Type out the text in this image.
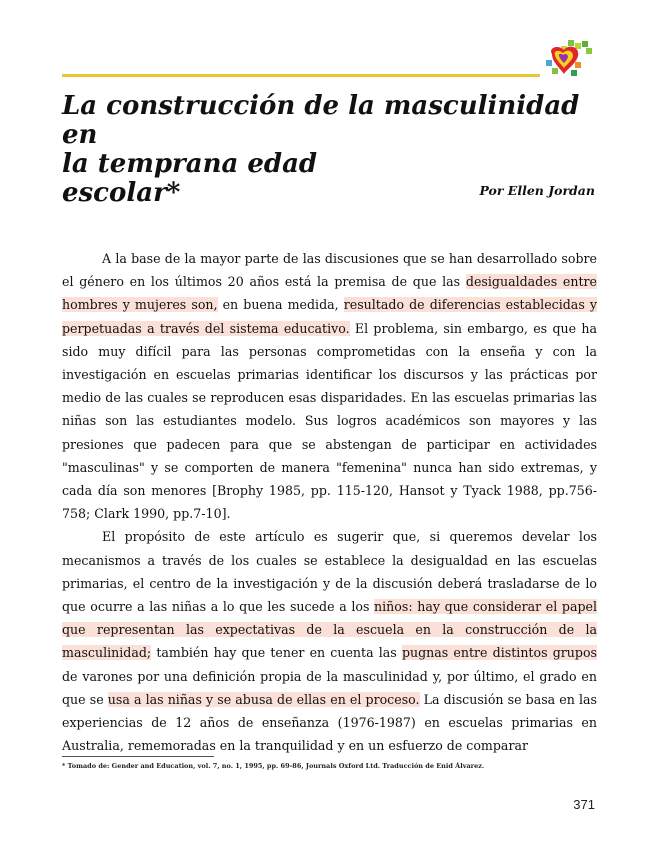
La construcción de la masculinidad en
la temprana edad
escolar*	Por Ellen Jordan

A la base de la mayor parte de las discusiones que se han desarrollado sobre el género en los últimos 20 años está la premisa de que las desigualdades entre hombres y mujeres son, en buena medida, resultado de diferencias establecidas y perpetuadas a través del sistema educativo. El problema, sin embargo, es que ha sido muy difícil para las personas comprometidas con la enseña y con la investigación en escuelas primarias identificar los discursos y las prácticas por medio de las cuales se reproducen esas disparidades. En las escuelas primarias las niñas son las estudiantes modelo. Sus logros académicos son mayores y las presiones que padecen para que se abstengan de participar en actividades "masculinas" y se comporten de manera "femenina" nunca han sido extremas, y cada día son menores [Brophy 1985, pp. 115-120, Hansot y Tyack 1988, pp.756-758; Clark 1990, pp.7-10].

El propósito de este artículo es sugerir que, si queremos develar los mecanismos a través de los cuales se establece la desigualdad en las escuelas primarias, el centro de la investigación y de la discusión deberá trasladarse de lo que ocurre a las niñas a lo que les sucede a los niños: hay que considerar el papel que representan las expectativas de la escuela en la construcción de la masculinidad; también hay que tener en cuenta las pugnas entre distintos grupos de varones por una definición propia de la masculinidad y, por último, el grado en que se usa a las niñas y se abusa de ellas en el proceso. La discusión se basa en las experiencias de 12 años de enseñanza (1976-1987) en escuelas primarias en Australia, rememoradas en la tranquilidad y en un esfuerzo de comparar

* Tomado de: Gender and Education, vol. 7, no. 1, 1995, pp. 69-86, Journals Oxford Ltd. Traducción de Enid Álvarez.
371
